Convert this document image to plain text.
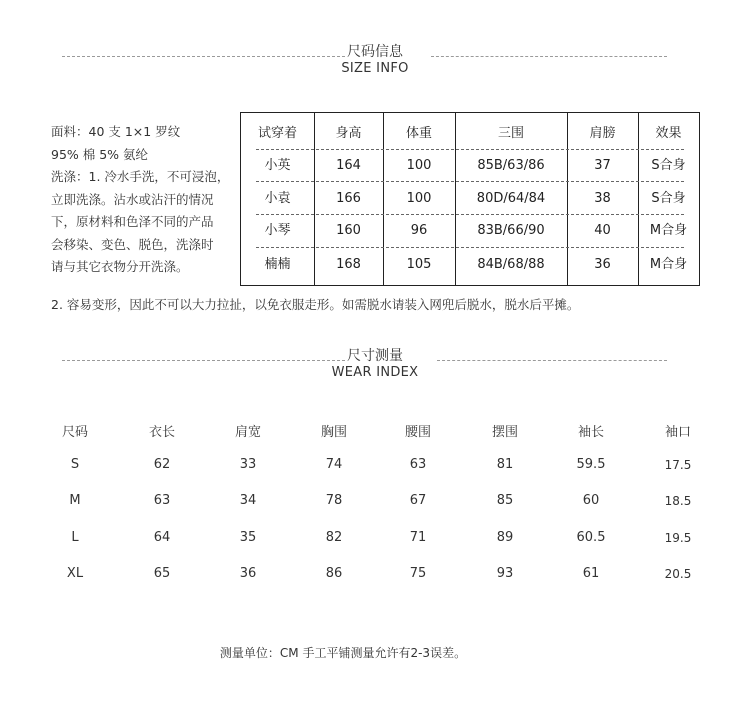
尺码信息
SIZE INFO
面料：40 支 1×1 罗纹
95% 棉 5% 氨纶
洗涤：1. 冷水手洗，不可浸泡，
立即洗涤。沾水或沾汗的情况
下，原材料和色泽不同的产品
会移染、变色、脱色，洗涤时
请与其它衣物分开洗涤。
2. 容易变形，因此不可以大力拉扯，以免衣服走形。如需脱水请装入网兜后脱水，脱水后平摊。
试穿着	身高	体重	三围	肩膀	效果
小英	164	100	85B/63/86	37	S合身
小袁	166	100	80D/64/84	38	S合身
小琴	160	96	83B/66/90	40	M合身
楠楠	168	105	84B/68/88	36	M合身
尺寸测量
WEAR INDEX
尺码	衣长	肩宽	胸围	腰围	摆围	袖长	袖口
S	62	33	74	63	81	59.5	17.5
M	63	34	78	67	85	60	18.5
L	64	35	82	71	89	60.5	19.5
XL	65	36	86	75	93	61	20.5
测量单位：CM 手工平铺测量允许有2-3误差。
